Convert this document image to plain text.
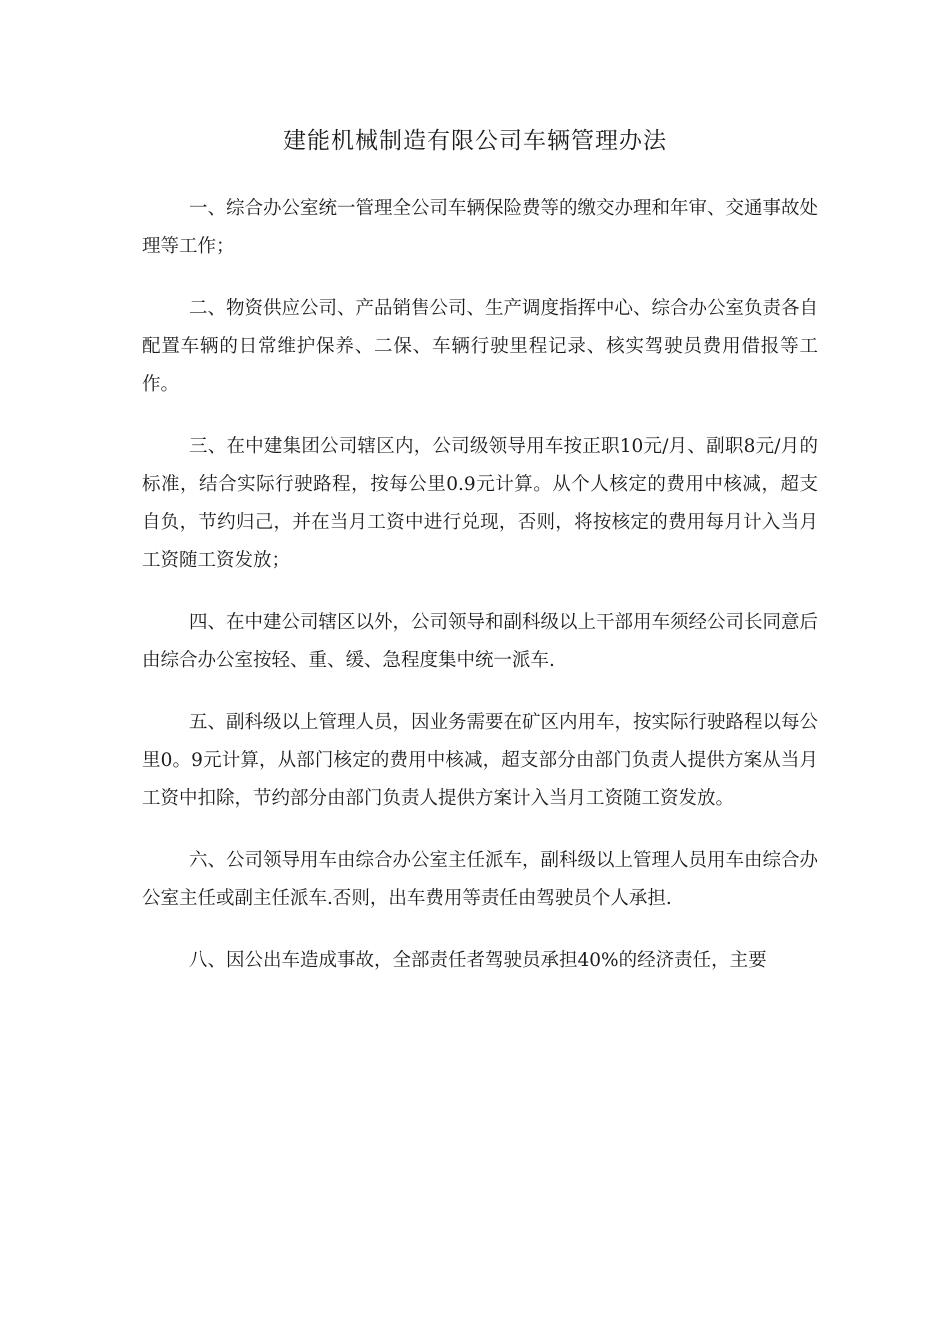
建能机械制造有限公司车辆管理办法

一、综合办公室统一管理全公司车辆保险费等的缴交办理和年审、交通事故处理等工作；

二、物资供应公司、产品销售公司、生产调度指挥中心、综合办公室负责各自配置车辆的日常维护保养、二保、车辆行驶里程记录、核实驾驶员费用借报等工作。

三、在中建集团公司辖区内，公司级领导用车按正职10元/月、副职8元/月的标准，结合实际行驶路程，按每公里0.9元计算。从个人核定的费用中核减，超支自负，节约归己，并在当月工资中进行兑现，否则，将按核定的费用每月计入当月工资随工资发放；

四、在中建公司辖区以外，公司领导和副科级以上干部用车须经公司长同意后由综合办公室按轻、重、缓、急程度集中统一派车.

五、副科级以上管理人员，因业务需要在矿区内用车，按实际行驶路程以每公里0。9元计算，从部门核定的费用中核减，超支部分由部门负责人提供方案从当月工资中扣除，节约部分由部门负责人提供方案计入当月工资随工资发放。

六、公司领导用车由综合办公室主任派车，副科级以上管理人员用车由综合办公室主任或副主任派车.否则，出车费用等责任由驾驶员个人承担.

八、因公出车造成事故，全部责任者驾驶员承担40%的经济责任，主要
